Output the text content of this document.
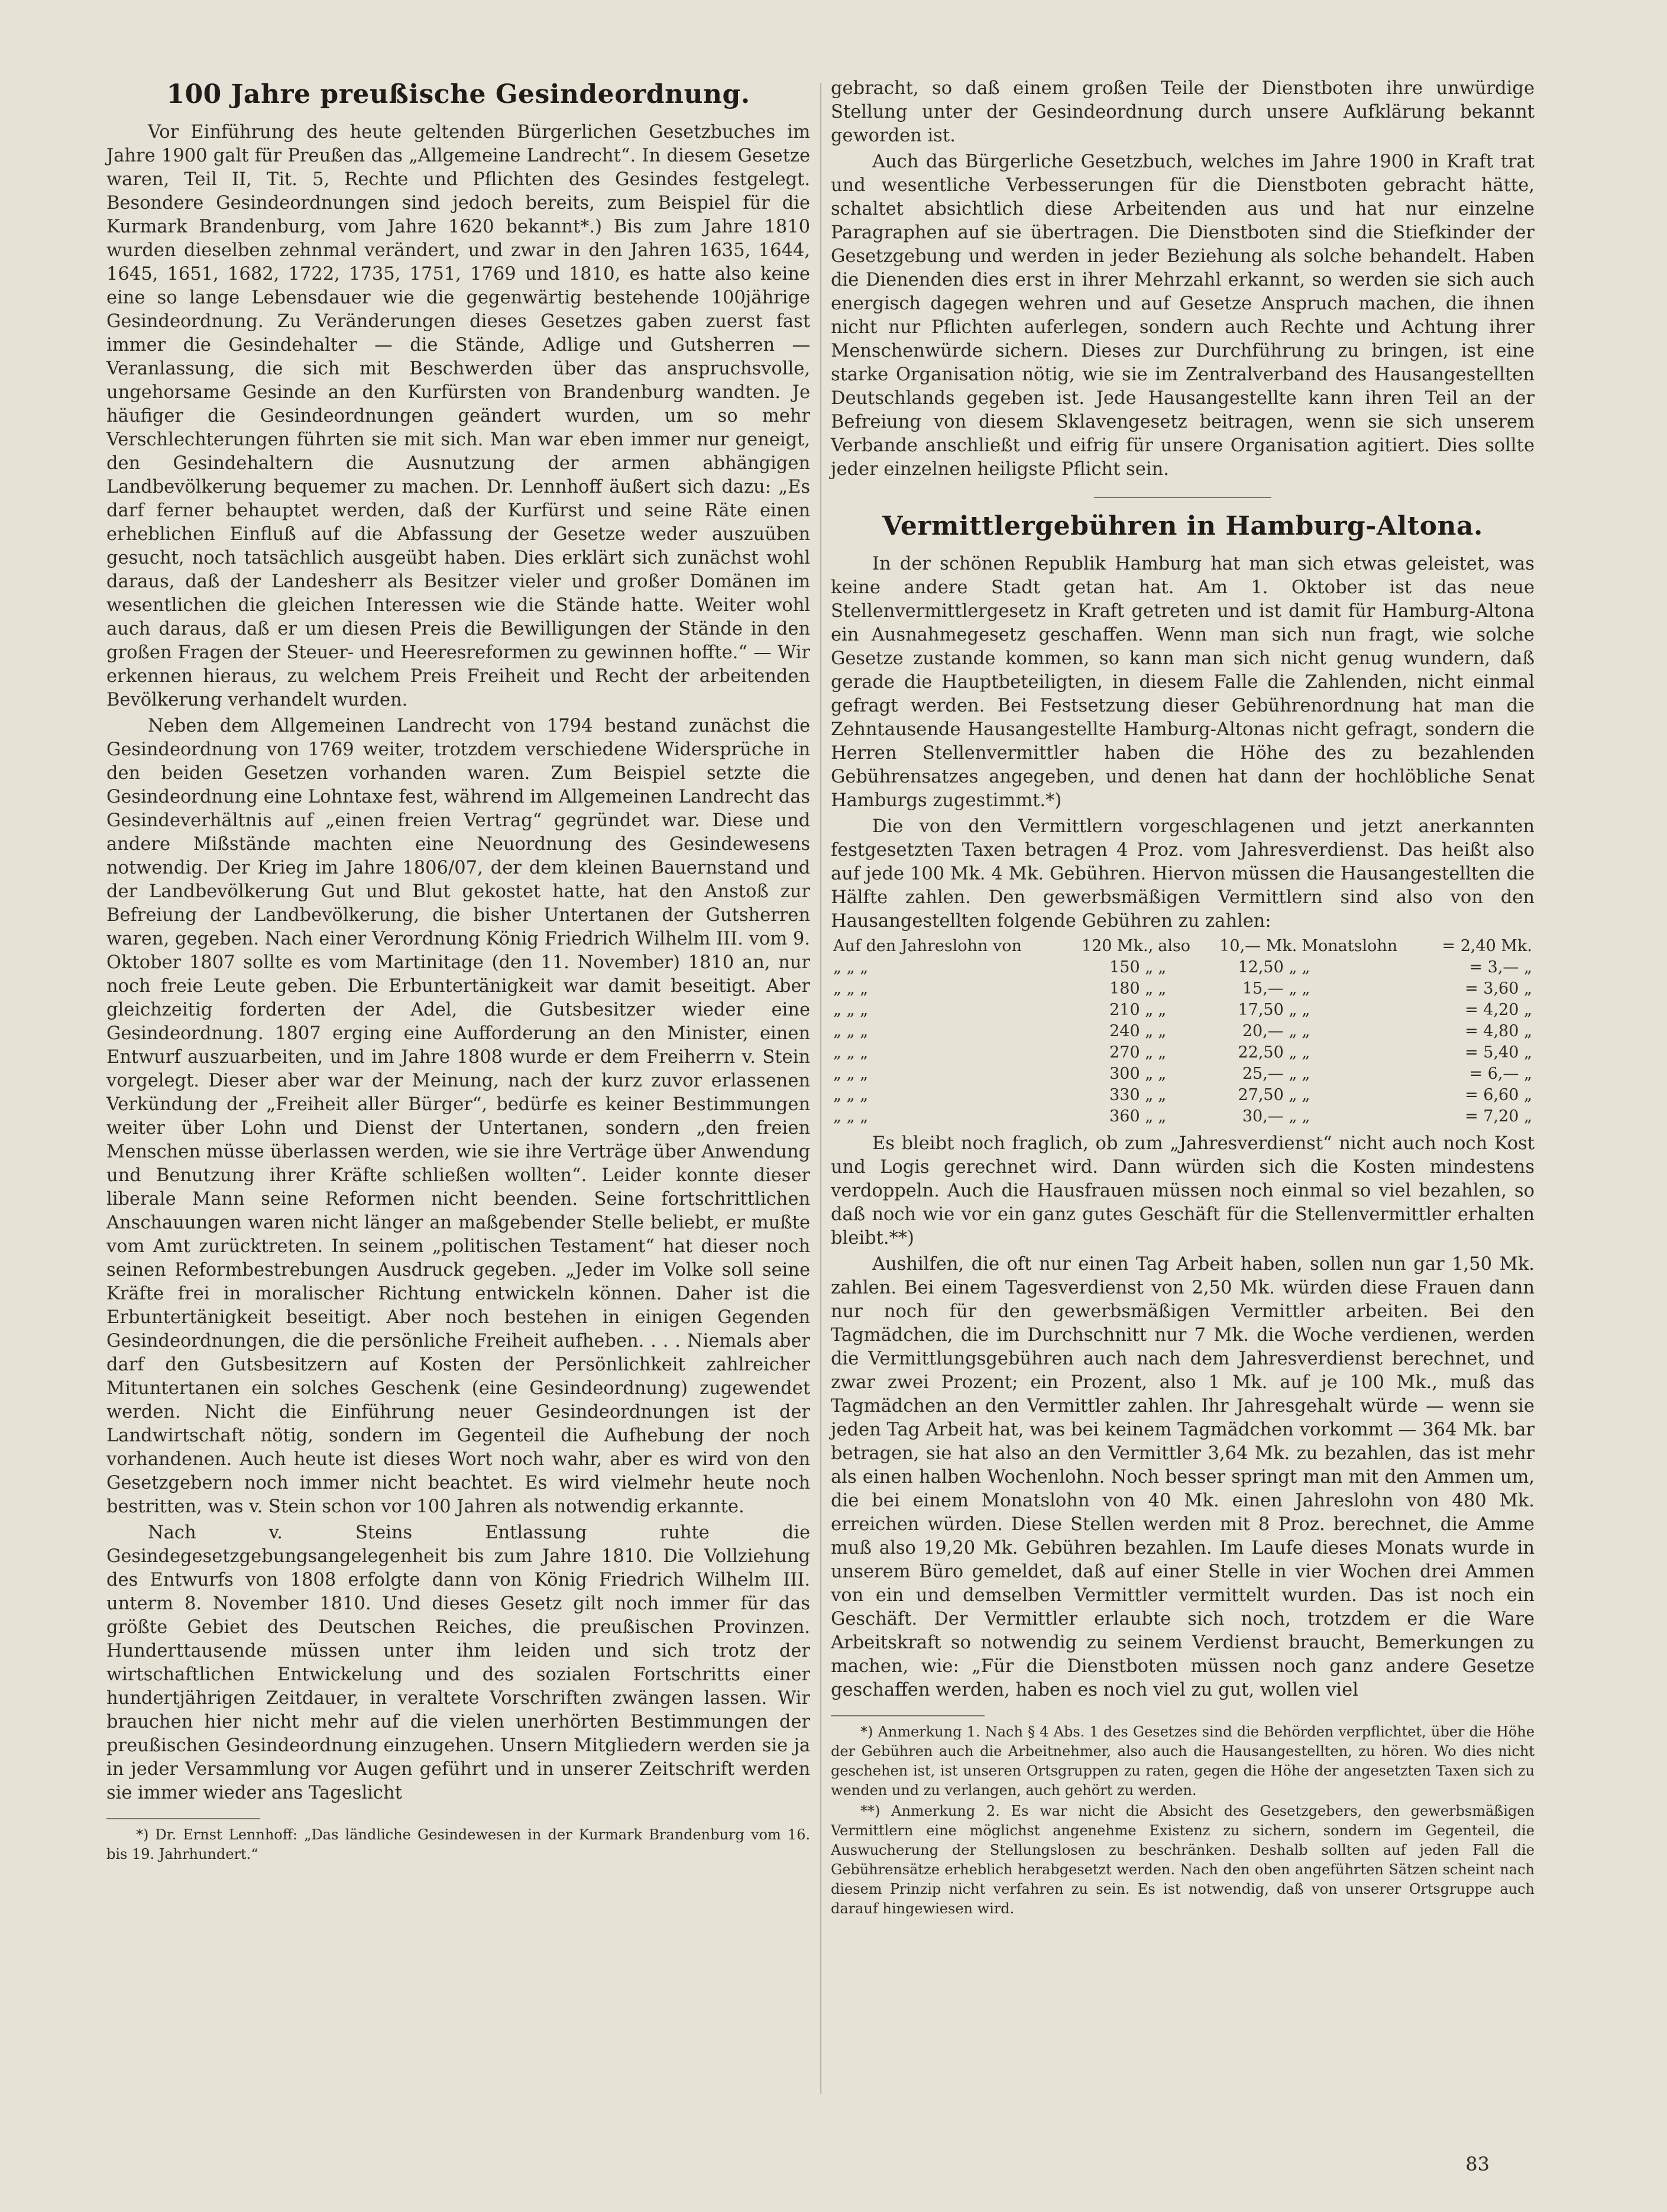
100 Jahre preußische Gesindeordnung.

Vor Einführung des heute geltenden Bürgerlichen Gesetzbuches im Jahre 1900 galt für Preußen das „Allgemeine Landrecht“. In diesem Gesetze waren, Teil II, Tit. 5, Rechte und Pflichten des Gesindes festgelegt. Besondere Gesindeordnungen sind jedoch bereits, zum Beispiel für die Kurmark Brandenburg, vom Jahre 1620 bekannt*.) Bis zum Jahre 1810 wurden dieselben zehnmal verändert, und zwar in den Jahren 1635, 1644, 1645, 1651, 1682, 1722, 1735, 1751, 1769 und 1810, es hatte also keine eine so lange Lebensdauer wie die gegenwärtig bestehende 100jährige Gesindeordnung. Zu Veränderungen dieses Gesetzes gaben zuerst fast immer die Gesindehalter — die Stände, Adlige und Gutsherren — Veranlassung, die sich mit Beschwerden über das anspruchsvolle, ungehorsame Gesinde an den Kurfürsten von Brandenburg wandten. Je häufiger die Gesindeordnungen geändert wurden, um so mehr Verschlechterungen führten sie mit sich. Man war eben immer nur geneigt, den Gesindehaltern die Ausnutzung der armen abhängigen Landbevölkerung bequemer zu machen. Dr. Lennhoff äußert sich dazu: „Es darf ferner behauptet werden, daß der Kurfürst und seine Räte einen erheblichen Einfluß auf die Abfassung der Gesetze weder auszuüben gesucht, noch tatsächlich ausgeübt haben. Dies erklärt sich zunächst wohl daraus, daß der Landesherr als Besitzer vieler und großer Domänen im wesentlichen die gleichen Interessen wie die Stände hatte. Weiter wohl auch daraus, daß er um diesen Preis die Bewilligungen der Stände in den großen Fragen der Steuer- und Heeresreformen zu gewinnen hoffte.“ — Wir erkennen hieraus, zu welchem Preis Freiheit und Recht der arbeitenden Bevölkerung verhandelt wurden.

Neben dem Allgemeinen Landrecht von 1794 bestand zunächst die Gesindeordnung von 1769 weiter, trotzdem verschiedene Widersprüche in den beiden Gesetzen vorhanden waren. Zum Beispiel setzte die Gesindeordnung eine Lohntaxe fest, während im Allgemeinen Landrecht das Gesindeverhältnis auf „einen freien Vertrag“ gegründet war. Diese und andere Mißstände machten eine Neuordnung des Gesindewesens notwendig. Der Krieg im Jahre 1806/07, der dem kleinen Bauernstand und der Landbevölkerung Gut und Blut gekostet hatte, hat den Anstoß zur Befreiung der Landbevölkerung, die bisher Untertanen der Gutsherren waren, gegeben. Nach einer Verordnung König Friedrich Wilhelm III. vom 9. Oktober 1807 sollte es vom Martinitage (den 11. November) 1810 an, nur noch freie Leute geben. Die Erbuntertänigkeit war damit beseitigt. Aber gleichzeitig forderten der Adel, die Gutsbesitzer wieder eine Gesindeordnung. 1807 erging eine Aufforderung an den Minister, einen Entwurf auszuarbeiten, und im Jahre 1808 wurde er dem Freiherrn v. Stein vorgelegt. Dieser aber war der Meinung, nach der kurz zuvor erlassenen Verkündung der „Freiheit aller Bürger“, bedürfe es keiner Bestimmungen weiter über Lohn und Dienst der Untertanen, sondern „den freien Menschen müsse überlassen werden, wie sie ihre Verträge über Anwendung und Benutzung ihrer Kräfte schließen wollten“. Leider konnte dieser liberale Mann seine Reformen nicht beenden. Seine fortschrittlichen Anschauungen waren nicht länger an maßgebender Stelle beliebt, er mußte vom Amt zurücktreten. In seinem „politischen Testament“ hat dieser noch seinen Reformbestrebungen Ausdruck gegeben. „Jeder im Volke soll seine Kräfte frei in moralischer Richtung entwickeln können. Daher ist die Erbuntertänigkeit beseitigt. Aber noch bestehen in einigen Gegenden Gesindeordnungen, die die persönliche Freiheit aufheben. . . . Niemals aber darf den Gutsbesitzern auf Kosten der Persönlichkeit zahlreicher Mituntertanen ein solches Geschenk (eine Gesindeordnung) zugewendet werden. Nicht die Einführung neuer Gesindeordnungen ist der Landwirtschaft nötig, sondern im Gegenteil die Aufhebung der noch vorhandenen. Auch heute ist dieses Wort noch wahr, aber es wird von den Gesetzgebern noch immer nicht beachtet. Es wird vielmehr heute noch bestritten, was v. Stein schon vor 100 Jahren als notwendig erkannte.

Nach v. Steins Entlassung ruhte die Gesindegesetzgebungsangelegenheit bis zum Jahre 1810. Die Vollziehung des Entwurfs von 1808 erfolgte dann von König Friedrich Wilhelm III. unterm 8. November 1810. Und dieses Gesetz gilt noch immer für das größte Gebiet des Deutschen Reiches, die preußischen Provinzen. Hunderttausende müssen unter ihm leiden und sich trotz der wirtschaftlichen Entwickelung und des sozialen Fortschritts einer hundertjährigen Zeitdauer, in veraltete Vorschriften zwängen lassen. Wir brauchen hier nicht mehr auf die vielen unerhörten Bestimmungen der preußischen Gesindeordnung einzugehen. Unsern Mitgliedern werden sie ja in jeder Versammlung vor Augen geführt und in unserer Zeitschrift werden sie immer wieder ans Tageslicht

*) Dr. Ernst Lennhoff: „Das ländliche Gesindewesen in der Kurmark Brandenburg vom 16. bis 19. Jahrhundert.“

gebracht, so daß einem großen Teile der Dienstboten ihre unwürdige Stellung unter der Gesindeordnung durch unsere Aufklärung bekannt geworden ist.

Auch das Bürgerliche Gesetzbuch, welches im Jahre 1900 in Kraft trat und wesentliche Verbesserungen für die Dienstboten gebracht hätte, schaltet absichtlich diese Arbeitenden aus und hat nur einzelne Paragraphen auf sie übertragen. Die Dienstboten sind die Stiefkinder der Gesetzgebung und werden in jeder Beziehung als solche behandelt. Haben die Dienenden dies erst in ihrer Mehrzahl erkannt, so werden sie sich auch energisch dagegen wehren und auf Gesetze Anspruch machen, die ihnen nicht nur Pflichten auferlegen, sondern auch Rechte und Achtung ihrer Menschenwürde sichern. Dieses zur Durchführung zu bringen, ist eine starke Organisation nötig, wie sie im Zentralverband des Hausangestellten Deutschlands gegeben ist. Jede Hausangestellte kann ihren Teil an der Befreiung von diesem Sklavengesetz beitragen, wenn sie sich unserem Verbande anschließt und eifrig für unsere Organisation agitiert. Dies sollte jeder einzelnen heiligste Pflicht sein.

Vermittlergebühren in Hamburg-Altona.

In der schönen Republik Hamburg hat man sich etwas geleistet, was keine andere Stadt getan hat. Am 1. Oktober ist das neue Stellenvermittlergesetz in Kraft getreten und ist damit für Hamburg-Altona ein Ausnahmegesetz geschaffen. Wenn man sich nun fragt, wie solche Gesetze zustande kommen, so kann man sich nicht genug wundern, daß gerade die Hauptbeteiligten, in diesem Falle die Zahlenden, nicht einmal gefragt werden. Bei Festsetzung dieser Gebührenordnung hat man die Zehntausende Hausangestellte Hamburg-Altonas nicht gefragt, sondern die Herren Stellenvermittler haben die Höhe des zu bezahlenden Gebührensatzes angegeben, und denen hat dann der hochlöbliche Senat Hamburgs zugestimmt.*)

Die von den Vermittlern vorgeschlagenen und jetzt anerkannten festgesetzten Taxen betragen 4 Proz. vom Jahresverdienst. Das heißt also auf jede 100 Mk. 4 Mk. Gebühren. Hiervon müssen die Hausangestellten die Hälfte zahlen. Den gewerbsmäßigen Vermittlern sind also von den Hausangestellten folgende Gebühren zu zahlen:

Auf den Jahreslohn von	120 Mk.,	also	10,— Mk.	Monatslohn	= 2,40 Mk.
„ „ „	150 „	„	12,50 „	„	= 3,— „
„ „ „	180 „	„	15,— „	„	= 3,60 „
„ „ „	210 „	„	17,50 „	„	= 4,20 „
„ „ „	240 „	„	20,— „	„	= 4,80 „
„ „ „	270 „	„	22,50 „	„	= 5,40 „
„ „ „	300 „	„	25,— „	„	= 6,— „
„ „ „	330 „	„	27,50 „	„	= 6,60 „
„ „ „	360 „	„	30,— „	„	= 7,20 „

Es bleibt noch fraglich, ob zum „Jahresverdienst“ nicht auch noch Kost und Logis gerechnet wird. Dann würden sich die Kosten mindestens verdoppeln. Auch die Hausfrauen müssen noch einmal so viel bezahlen, so daß noch wie vor ein ganz gutes Geschäft für die Stellenvermittler erhalten bleibt.**)

Aushilfen, die oft nur einen Tag Arbeit haben, sollen nun gar 1,50 Mk. zahlen. Bei einem Tagesverdienst von 2,50 Mk. würden diese Frauen dann nur noch für den gewerbsmäßigen Vermittler arbeiten. Bei den Tagmädchen, die im Durchschnitt nur 7 Mk. die Woche verdienen, werden die Vermittlungsgebühren auch nach dem Jahresverdienst berechnet, und zwar zwei Prozent; ein Prozent, also 1 Mk. auf je 100 Mk., muß das Tagmädchen an den Vermittler zahlen. Ihr Jahresgehalt würde — wenn sie jeden Tag Arbeit hat, was bei keinem Tagmädchen vorkommt — 364 Mk. bar betragen, sie hat also an den Vermittler 3,64 Mk. zu bezahlen, das ist mehr als einen halben Wochenlohn. Noch besser springt man mit den Ammen um, die bei einem Monatslohn von 40 Mk. einen Jahreslohn von 480 Mk. erreichen würden. Diese Stellen werden mit 8 Proz. berechnet, die Amme muß also 19,20 Mk. Gebühren bezahlen. Im Laufe dieses Monats wurde in unserem Büro gemeldet, daß auf einer Stelle in vier Wochen drei Ammen von ein und demselben Vermittler vermittelt wurden. Das ist noch ein Geschäft. Der Vermittler erlaubte sich noch, trotzdem er die Ware Arbeitskraft so notwendig zu seinem Verdienst braucht, Bemerkungen zu machen, wie: „Für die Dienstboten müssen noch ganz andere Gesetze geschaffen werden, haben es noch viel zu gut, wollen viel

*) Anmerkung 1. Nach § 4 Abs. 1 des Gesetzes sind die Behörden verpflichtet, über die Höhe der Gebühren auch die Arbeitnehmer, also auch die Hausangestellten, zu hören. Wo dies nicht geschehen ist, ist unseren Ortsgruppen zu raten, gegen die Höhe der angesetzten Taxen sich zu wenden und zu verlangen, auch gehört zu werden.

**) Anmerkung 2. Es war nicht die Absicht des Gesetzgebers, den gewerbsmäßigen Vermittlern eine möglichst angenehme Existenz zu sichern, sondern im Gegenteil, die Auswucherung der Stellungslosen zu beschränken. Deshalb sollten auf jeden Fall die Gebührensätze erheblich herabgesetzt werden. Nach den oben angeführten Sätzen scheint nach diesem Prinzip nicht verfahren zu sein. Es ist notwendig, daß von unserer Ortsgruppe auch darauf hingewiesen wird.

83
